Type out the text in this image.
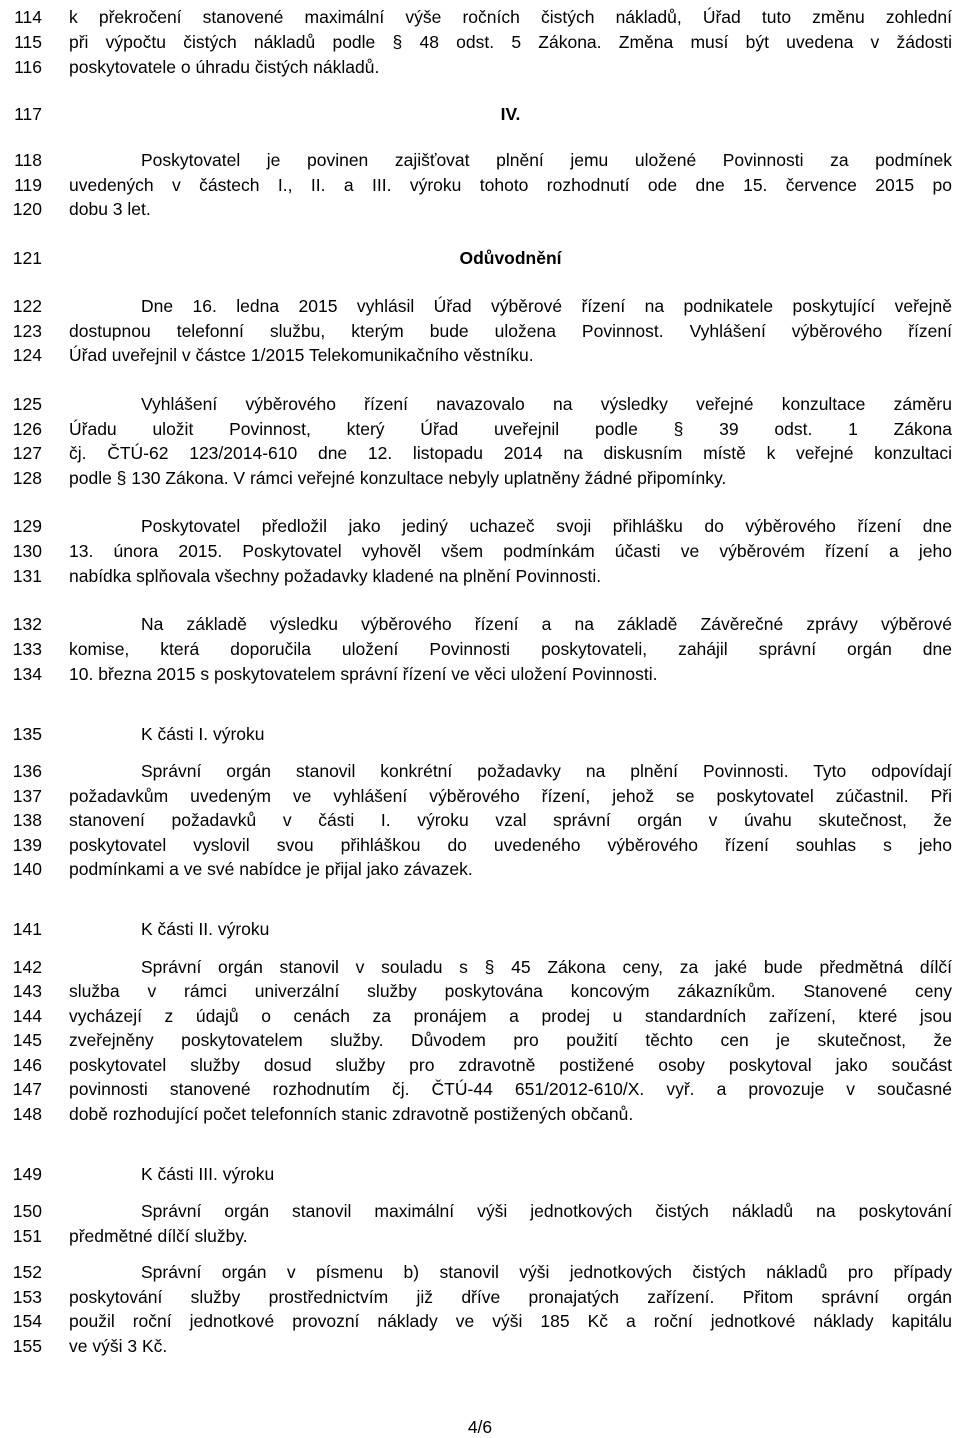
114 k překročení stanovené maximální výše ročních čistých nákladů, Úřad tuto změnu zohlední
115 při výpočtu čistých nákladů podle § 48 odst. 5 Zákona. Změna musí být uvedena v žádosti
116 poskytovatele o úhradu čistých nákladů.
117	IV.
118	Poskytovatel je povinen zajišťovat plnění jemu uložené Povinnosti za podmínek
119 uvedených v částech I., II. a III. výroku tohoto rozhodnutí ode dne 15. července 2015 po
120 dobu 3 let.
121	Odůvodnění
122	Dne 16. ledna 2015 vyhlásil Úřad výběrové řízení na podnikatele poskytující veřejně
123 dostupnou telefonní službu, kterým bude uložena Povinnost. Vyhlášení výběrového řízení
124 Úřad uveřejnil v částce 1/2015 Telekomunikačního věstníku.
125	Vyhlášení výběrového řízení navazovalo na výsledky veřejné konzultace záměru
126 Úřadu uložit Povinnost, který Úřad uveřejnil podle § 39 odst. 1 Zákona
127 čj. ČTÚ-62 123/2014-610 dne 12. listopadu 2014 na diskusním místě k veřejné konzultaci
128 podle § 130 Zákona. V rámci veřejné konzultace nebyly uplatněny žádné připomínky.
129	Poskytovatel předložil jako jediný uchazeč svoji přihlášku do výběrového řízení dne
130 13. února 2015. Poskytovatel vyhověl všem podmínkám účasti ve výběrovém řízení a jeho
131 nabídka splňovala všechny požadavky kladené na plnění Povinnosti.
132	Na základě výsledku výběrového řízení a na základě Závěrečné zprávy výběrové
133 komise, která doporučila uložení Povinnosti poskytovateli, zahájil správní orgán dne
134 10. března 2015 s poskytovatelem správní řízení ve věci uložení Povinnosti.
135	K části I. výroku
136	Správní orgán stanovil konkrétní požadavky na plnění Povinnosti. Tyto odpovídají
137 požadavkům uvedeným ve vyhlášení výběrového řízení, jehož se poskytovatel zúčastnil. Při
138 stanovení požadavků v části I. výroku vzal správní orgán v úvahu skutečnost, že
139 poskytovatel vyslovil svou přihláškou do uvedeného výběrového řízení souhlas s jeho
140 podmínkami a ve své nabídce je přijal jako závazek.
141	K části II. výroku
142	Správní orgán stanovil v souladu s § 45 Zákona ceny, za jaké bude předmětná dílčí
143 služba v rámci univerzální služby poskytována koncovým zákazníkům. Stanovené ceny
144 vycházejí z údajů o cenách za pronájem a prodej u standardních zařízení, které jsou
145 zveřejněny poskytovatelem služby. Důvodem pro použití těchto cen je skutečnost, že
146 poskytovatel služby dosud služby pro zdravotně postižené osoby poskytoval jako součást
147 povinnosti stanovené rozhodnutím čj. ČTÚ-44 651/2012-610/X. vyř. a provozuje v současné
148 době rozhodující počet telefonních stanic zdravotně postižených občanů.
149	K části III. výroku
150	Správní orgán stanovil maximální výši jednotkových čistých nákladů na poskytování
151 předmětné dílčí služby.
152	Správní orgán v písmenu b) stanovil výši jednotkových čistých nákladů pro případy
153 poskytování služby prostřednictvím již dříve pronajatých zařízení. Přitom správní orgán
154 použil roční jednotkové provozní náklady ve výši 185 Kč a roční jednotkové náklady kapitálu
155 ve výši 3 Kč.
4/6
